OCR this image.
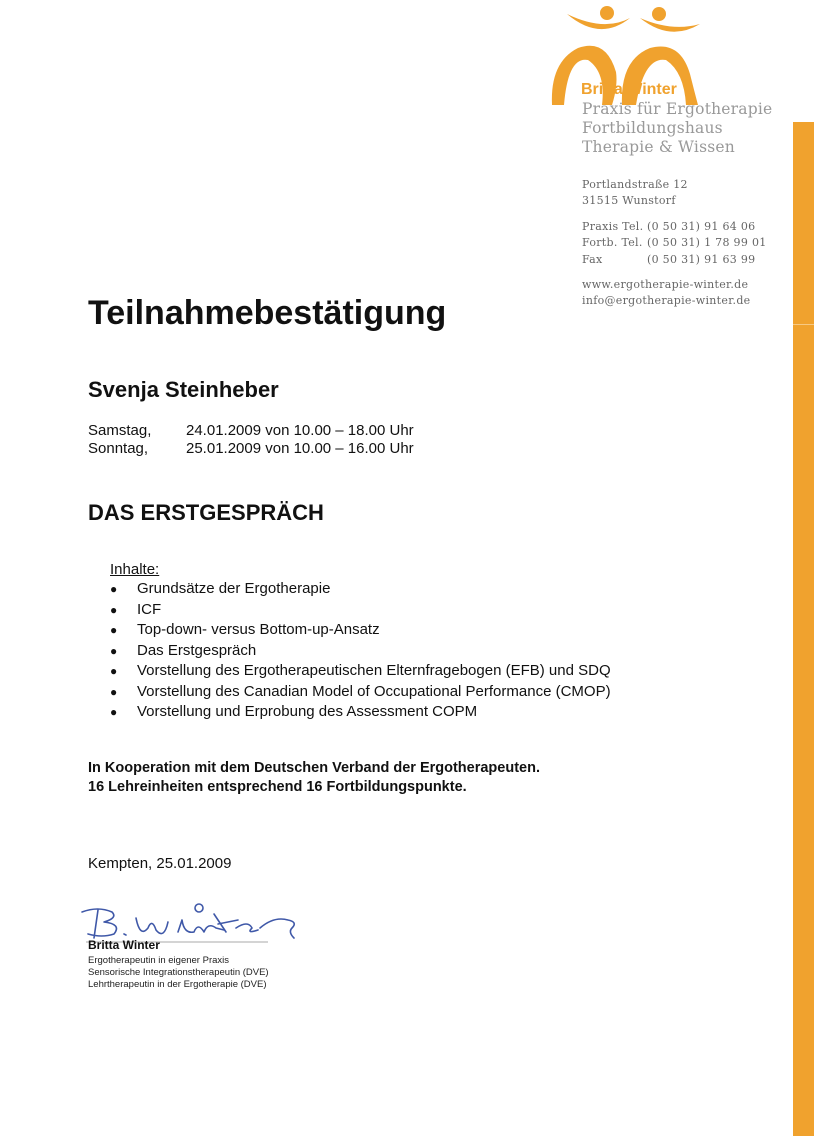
Britta Winter
Praxis für Ergotherapie
Fortbildungshaus
Therapie & Wissen
Portlandstraße 12
31515 Wunstorf
Praxis Tel. (0 50 31) 91 64 06
Fortb. Tel. (0 50 31) 1 78 99 01
Fax	(0 50 31) 91 63 99
www.ergotherapie-winter.de
info@ergotherapie-winter.de
Teilnahmebestätigung
Svenja Steinheber
Samstag, 24.01.2009 von 10.00 – 18.00 Uhr
Sonntag,	25.01.2009 von 10.00 – 16.00 Uhr
DAS ERSTGESPRÄCH
Inhalte:
● Grundsätze der Ergotherapie
● ICF
● Top-down- versus Bottom-up-Ansatz
● Das Erstgespräch
● Vorstellung des Ergotherapeutischen Elternfragebogen (EFB) und SDQ
● Vorstellung des Canadian Model of Occupational Performance (CMOP)
● Vorstellung und Erprobung des Assessment COPM
In Kooperation mit dem Deutschen Verband der Ergotherapeuten.
16 Lehreinheiten entsprechend 16 Fortbildungspunkte.
Kempten, 25.01.2009
Britta Winter
Ergotherapeutin in eigener Praxis
Sensorische Integrationstherapeutin (DVE)
Lehrtherapeutin in der Ergotherapie (DVE)
